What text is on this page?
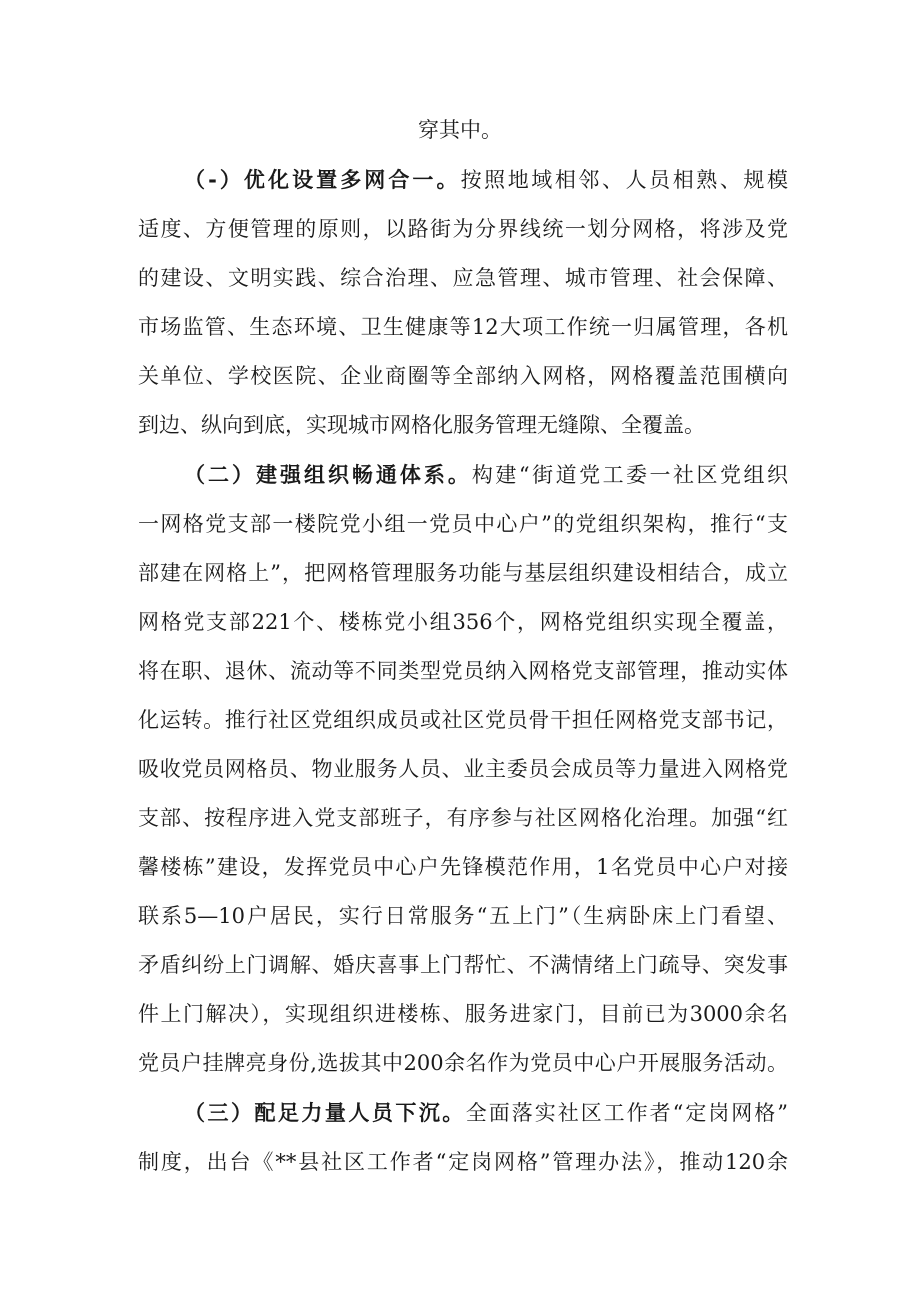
穿其中。
（-）优化设置多网合一。按照地域相邻、人员相熟、规模
适度、方便管理的原则，以路街为分界线统一划分网格，将涉及党
的建设、文明实践、综合治理、应急管理、城市管理、社会保障、
市场监管、生态环境、卫生健康等12大项工作统一归属管理，各机
关单位、学校医院、企业商圈等全部纳入网格，网格覆盖范围横向
到边、纵向到底，实现城市网格化服务管理无缝隙、全覆盖。
（二）建强组织畅通体系。构建“街道党工委一社区党组织
一网格党支部一楼院党小组一党员中心户”的党组织架构，推行“支
部建在网格上”，把网格管理服务功能与基层组织建设相结合，成立
网格党支部221个、楼栋党小组356个，网格党组织实现全覆盖，
将在职、退休、流动等不同类型党员纳入网格党支部管理，推动实体
化运转。推行社区党组织成员或社区党员骨干担任网格党支部书记，
吸收党员网格员、物业服务人员、业主委员会成员等力量进入网格党
支部、按程序进入党支部班子，有序参与社区网格化治理。加强“红
馨楼栋”建设，发挥党员中心户先锋模范作用，1名党员中心户对接
联系5—10户居民，实行日常服务“五上门”（生病卧床上门看望、
矛盾纠纷上门调解、婚庆喜事上门帮忙、不满情绪上门疏导、突发事
件上门解决），实现组织进楼栋、服务进家门，目前已为3000余名
党员户挂牌亮身份,选拔其中200余名作为党员中心户开展服务活动。
（三）配足力量人员下沉。全面落实社区工作者“定岗网格”
制度，出台《**县社区工作者“定岗网格”管理办法》，推动120余
